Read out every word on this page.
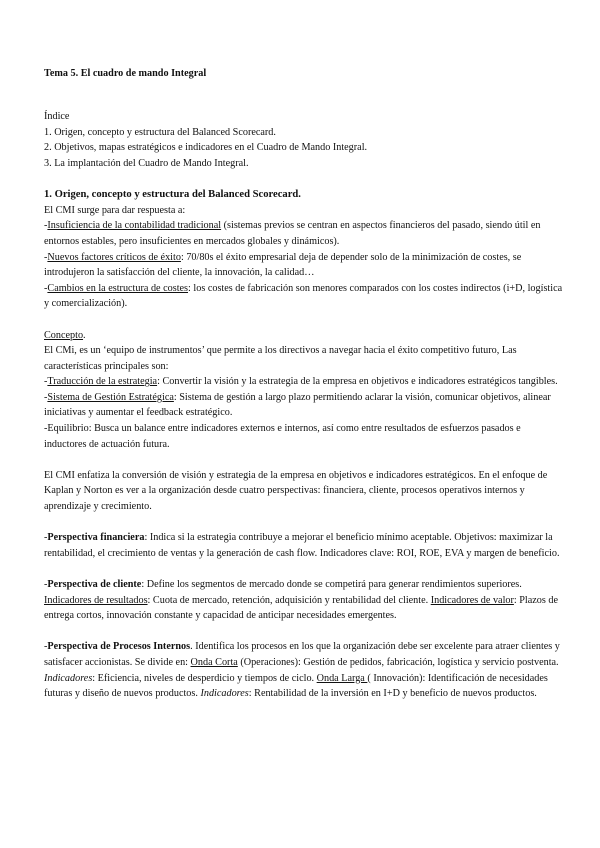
Tema 5. El cuadro de mando Integral

Índice

1. Origen, concepto y estructura del Balanced Scorecard.

2. Objetivos, mapas estratégicos e indicadores en el Cuadro de Mando Integral.

3. La implantación del Cuadro de Mando Integral.

1. Origen, concepto y estructura del Balanced Scorecard.

El CMI surge para dar respuesta a:

-Insuficiencia de la contabilidad tradicional (sistemas previos se centran en aspectos financieros del pasado, siendo útil en entornos estables, pero insuficientes en mercados globales y dinámicos).

-Nuevos factores críticos de éxito: 70/80s el éxito empresarial deja de depender solo de la minimización de costes, se introdujeron la satisfacción del cliente, la innovación, la calidad…

-Cambios en la estructura de costes: los costes de fabricación son menores comparados con los costes indirectos (i+D, logística y comercialización).

Concepto.

El CMi, es un ‘equipo de instrumentos’ que permite a los directivos a navegar hacia el éxito competitivo futuro, Las características principales son:

-Traducción de la estrategia: Convertir la visión y la estrategia de la empresa en objetivos e indicadores estratégicos tangibles.

-Sistema de Gestión Estratégica: Sistema de gestión a largo plazo permitiendo aclarar la visión, comunicar objetivos, alinear iniciativas y aumentar el feedback estratégico.

-Equilibrio: Busca un balance entre indicadores externos e internos, así como entre resultados de esfuerzos pasados e inductores de actuación futura.

El CMI enfatiza la conversión de visión y estrategia de la empresa en objetivos e indicadores estratégicos. En el enfoque de Kaplan y Norton es ver a la organización desde cuatro perspectivas: financiera, cliente, procesos operativos internos y aprendizaje y crecimiento.

-Perspectiva financiera: Indica si la estrategia contribuye a mejorar el beneficio mínimo aceptable. Objetivos: maximizar la rentabilidad, el crecimiento de ventas y la generación de cash flow. Indicadores clave: ROI, ROE, EVA y margen de beneficio.

-Perspectiva de cliente: Define los segmentos de mercado donde se competirá para generar rendimientos superiores. Indicadores de resultados: Cuota de mercado, retención, adquisición y rentabilidad del cliente. Indicadores de valor: Plazos de entrega cortos, innovación constante y capacidad de anticipar necesidades emergentes.

-Perspectiva de Procesos Internos. Identifica los procesos en los que la organización debe ser excelente para atraer clientes y satisfacer accionistas. Se divide en: Onda Corta (Operaciones): Gestión de pedidos, fabricación, logística y servicio postventa. Indicadores: Eficiencia, niveles de desperdicio y tiempos de ciclo. Onda Larga ( Innovación): Identificación de necesidades futuras y diseño de nuevos productos. Indicadores: Rentabilidad de la inversión en I+D y beneficio de nuevos productos.
